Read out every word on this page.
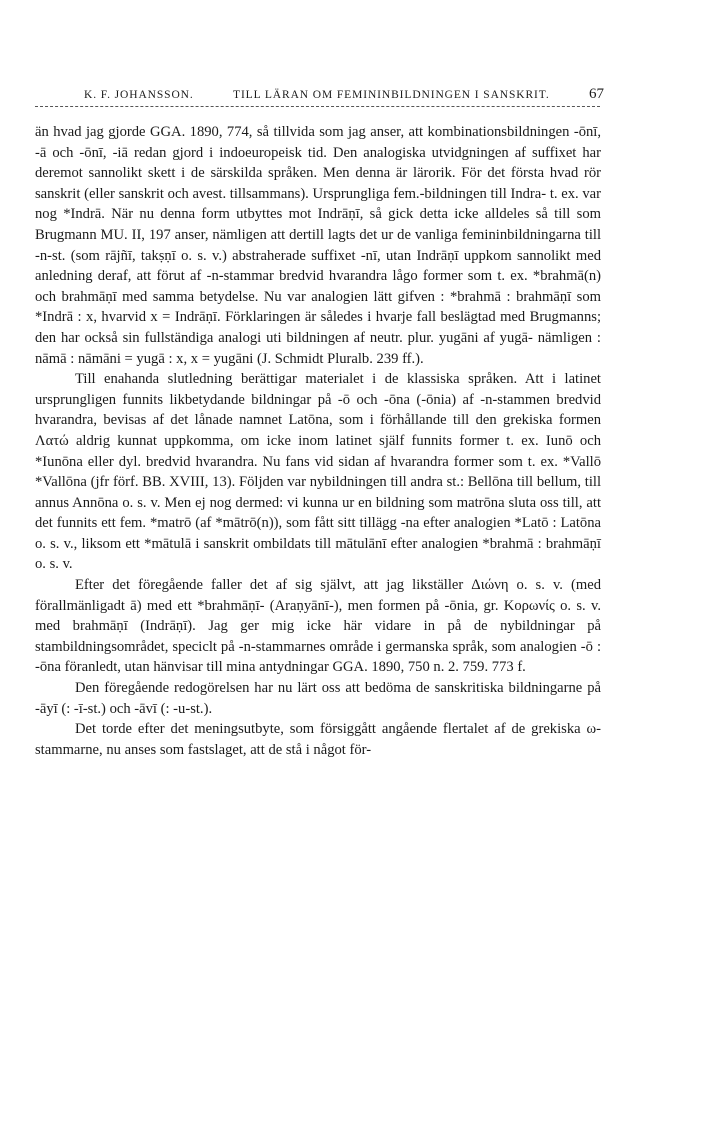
K. F. JOHANSSON.	TILL LÄRAN OM FEMININBILDNINGEN I SANSKRIT.	67

än hvad jag gjorde GGA. 1890, 774, så tillvida som jag anser, att kombinationsbildningen -ōnī, -ā och -ōnī, -iā redan gjord i indoeuropeisk tid. Den analogiska utvidgningen af suffixet har deremot sannolikt skett i de särskilda språken. Men denna är lärorik. För det första hvad rör sanskrit (eller sanskrit och avest. tillsammans). Ursprungliga fem.-bildningen till Indra- t. ex. var nog *Indrā. När nu denna form utbyttes mot Indrāṇī, så gick detta icke alldeles så till som Brugmann MU. II, 197 anser, nämligen att dertill lagts det ur de vanliga femininbildningarna till -n-st. (som rājñī, takṣṇī o. s. v.) abstraherade suffixet -nī, utan Indrāṇī uppkom sannolikt med anledning deraf, att förut af -n-stammar bredvid hvarandra lågo former som t. ex. *brahmā(n) och brahmāṇī med samma betydelse. Nu var analogien lätt gifven : *brahmā : brahmāṇī som *Indrā : x, hvarvid x = Indrāṇī. Förklaringen är således i hvarje fall beslägtad med Brugmanns; den har också sin fullständiga analogi uti bildningen af neutr. plur. yugāni af yugā- nämligen : nāmā : nāmāni = yugā : x, x = yugāni (J. Schmidt Pluralb. 239 ff.).

Till enahanda slutledning berättigar materialet i de klassiska språken. Att i latinet ursprungligen funnits likbetydande bildningar på -ō och -ōna (-ōnia) af -n-stammen bredvid hvarandra, bevisas af det lånade namnet Latōna, som i förhållande till den grekiska formen Λατώ aldrig kunnat uppkomma, om icke inom latinet själf funnits former t. ex. Iunō och *Iunōna eller dyl. bredvid hvarandra. Nu fans vid sidan af hvarandra former som t. ex. *Vallō *Vallōna (jfr förf. BB. XVIII, 13). Följden var nybildningen till andra st.: Bellōna till bellum, till annus Annōna o. s. v. Men ej nog dermed: vi kunna ur en bildning som matrōna sluta oss till, att det funnits ett fem. *matrō (af *mātrō(n)), som fått sitt tillägg -na efter analogien *Latō : Latōna o. s. v., liksom ett *mātulā i sanskrit ombildats till mātulānī efter analogien *brahmā : brahmāṇī o. s. v.

Efter det föregående faller det af sig självt, att jag likställer Διώνη o. s. v. (med förallmänligadt ā) med ett *brahmāṇī- (Araṇyānī-), men formen på -ōnia, gr. Κορωνίς o. s. v. med brahmāṇī (Indrāṇī). Jag ger mig icke här vidare in på de nybildningar på stambildningsområdet, speciclt på -n-stammarnes område i germanska språk, som analogien -ō : -ōna föranledt, utan hänvisar till mina antydningar GGA. 1890, 750 n. 2. 759. 773 f.

Den föregående redogörelsen har nu lärt oss att bedöma de sanskritiska bildningarne på -āyī (: -ī-st.) och -āvī (: -u-st.).

Det torde efter det meningsutbyte, som försiggått angående flertalet af de grekiska ω-stammarne, nu anses som fastslaget, att de stå i något för-
